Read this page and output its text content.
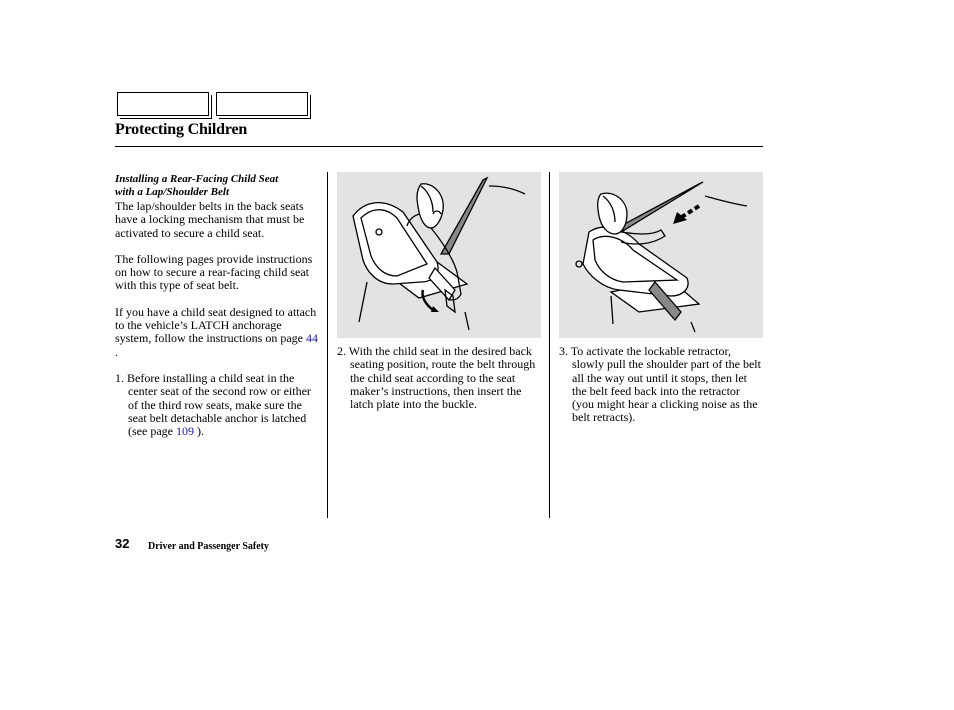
Protecting Children
Installing a Rear-Facing Child Seat
with a Lap/Shoulder Belt

The lap/shoulder belts in the back seats have a locking mechanism that must be activated to secure a child seat.

The following pages provide instructions on how to secure a rear-facing child seat with this type of seat belt.

If you have a child seat designed to attach to the vehicle’s LATCH anchorage system, follow the instructions on page 44 .

1. Before installing a child seat in the center seat of the second row or either of the third row seats, make sure the seat belt detachable anchor is latched (see page 109 ).

2. With the child seat in the desired back seating position, route the belt through the child seat according to the seat maker’s instructions, then insert the latch plate into the buckle.

3. To activate the lockable retractor, slowly pull the shoulder part of the belt all the way out until it stops, then let the belt feed back into the retractor (you might hear a clicking noise as the belt retracts).

32 Driver and Passenger Safety
